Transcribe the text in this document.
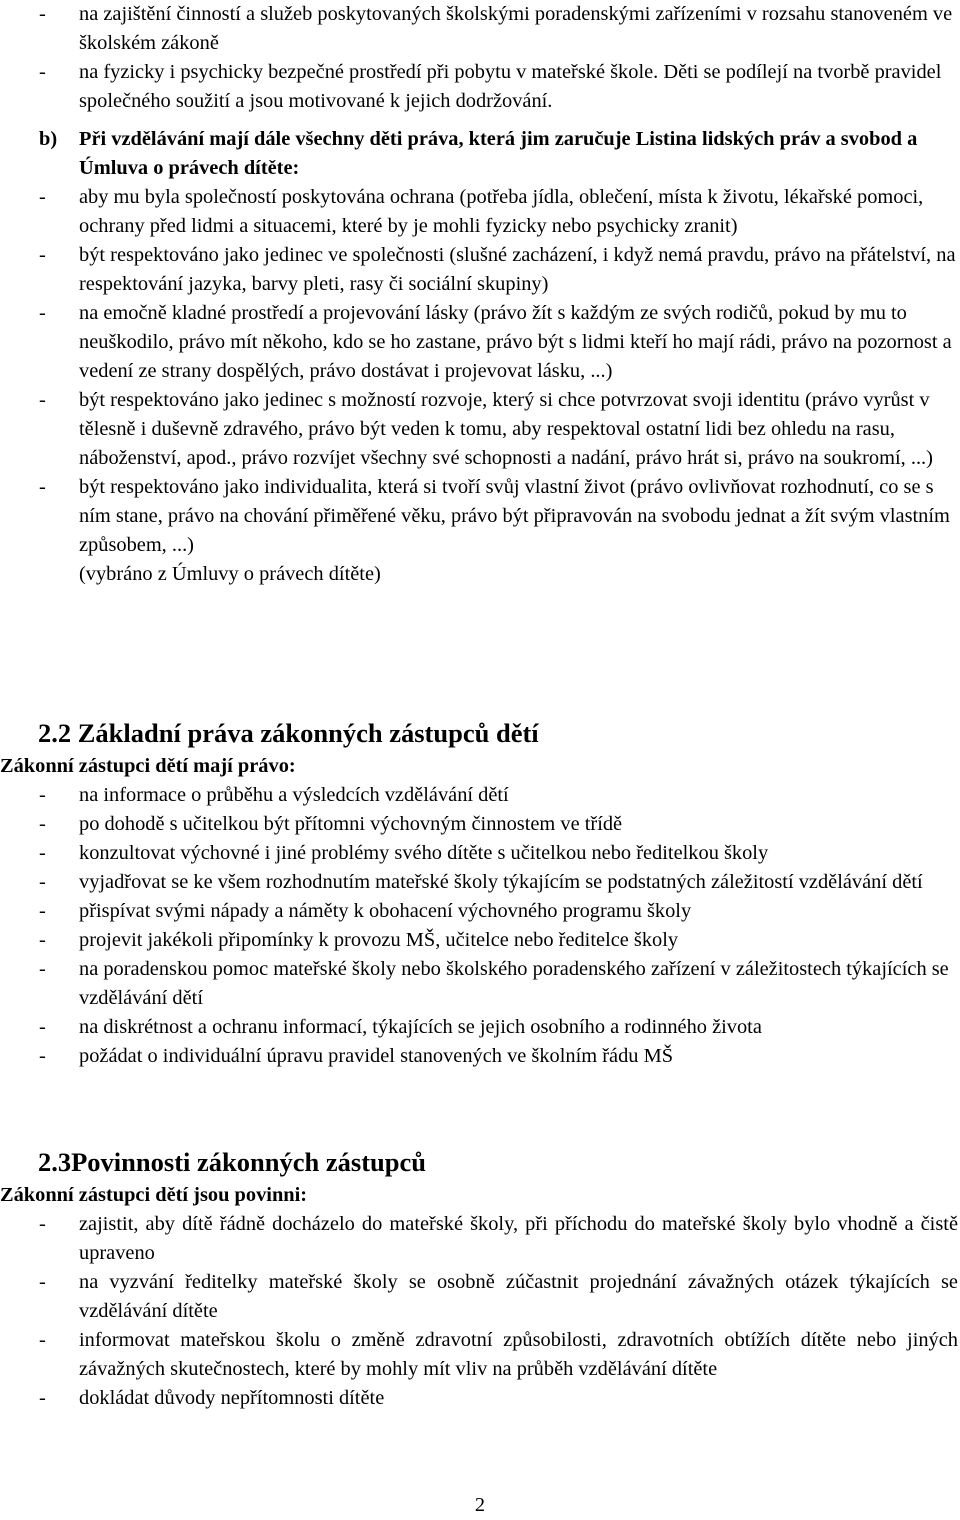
- na zajištění činností a služeb poskytovaných školskými poradenskými zařízeními v rozsahu stanoveném ve školském zákoně
- na fyzicky i psychicky bezpečné prostředí při pobytu v mateřské škole. Děti se podílejí na tvorbě pravidel společného soužití a jsou motivované k jejich dodržování.
b) Při vzdělávání mají dále všechny děti práva, která jim zaručuje Listina lidských práv a svobod a Úmluva o právech dítěte:
- aby mu byla společností poskytována ochrana (potřeba jídla, oblečení, místa k životu, lékařské pomoci, ochrany před lidmi a situacemi, které by je mohli fyzicky nebo psychicky zranit)
- být respektováno jako jedinec ve společnosti (slušné zacházení, i když nemá pravdu, právo na přátelství, na respektování jazyka, barvy pleti, rasy či sociální skupiny)
- na emočně kladné prostředí a projevování lásky (právo žít s každým ze svých rodičů, pokud by mu to neuškodilo, právo mít někoho, kdo se ho zastane, právo být s lidmi kteří ho mají rádi, právo na pozornost a vedení ze strany dospělých, právo dostávat i projevovat lásku, ...)
- být respektováno jako jedinec s možností rozvoje, který si chce potvrzovat svoji identitu (právo vyrůst v tělesně i duševně zdravého, právo být veden k tomu, aby respektoval ostatní lidi bez ohledu na rasu, náboženství, apod., právo rozvíjet všechny své schopnosti a nadání, právo hrát si, právo na soukromí, ...)
- být respektováno jako individualita, která si tvoří svůj vlastní život (právo ovlivňovat rozhodnutí, co se s ním stane, právo na chování přiměřené věku, právo být připravován na svobodu jednat a žít svým vlastním způsobem, ...)
(vybráno z Úmluvy o právech dítěte)
2.2 Základní práva zákonných zástupců dětí
Zákonní zástupci dětí mají právo:
- na informace o průběhu a výsledcích vzdělávání dětí
- po dohodě s učitelkou být přítomni výchovným činnostem ve třídě
- konzultovat výchovné i jiné problémy svého dítěte s učitelkou nebo ředitelkou školy
- vyjadřovat se ke všem rozhodnutím mateřské školy týkajícím se podstatných záležitostí vzdělávání dětí
- přispívat svými nápady a náměty k obohacení výchovného programu školy
- projevit jakékoli připomínky k provozu MŠ, učitelce nebo ředitelce školy
- na poradenskou pomoc mateřské školy nebo školského poradenského zařízení v záležitostech týkajících se vzdělávání dětí
- na diskrétnost a ochranu informací, týkajících se jejich osobního a rodinného života
- požádat o individuální úpravu pravidel stanovených ve školním řádu MŠ
2.3Povinnosti zákonných zástupců
Zákonní zástupci dětí jsou povinni:
- zajistit, aby dítě řádně docházelo do mateřské školy, při příchodu do mateřské školy bylo vhodně a čistě upraveno
- na vyzvání ředitelky mateřské školy se osobně zúčastnit projednání závažných otázek týkajících se vzdělávání dítěte
- informovat mateřskou školu o změně zdravotní způsobilosti, zdravotních obtížích dítěte nebo jiných závažných skutečnostech, které by mohly mít vliv na průběh vzdělávání dítěte
- dokládat důvody nepřítomnosti dítěte
2
